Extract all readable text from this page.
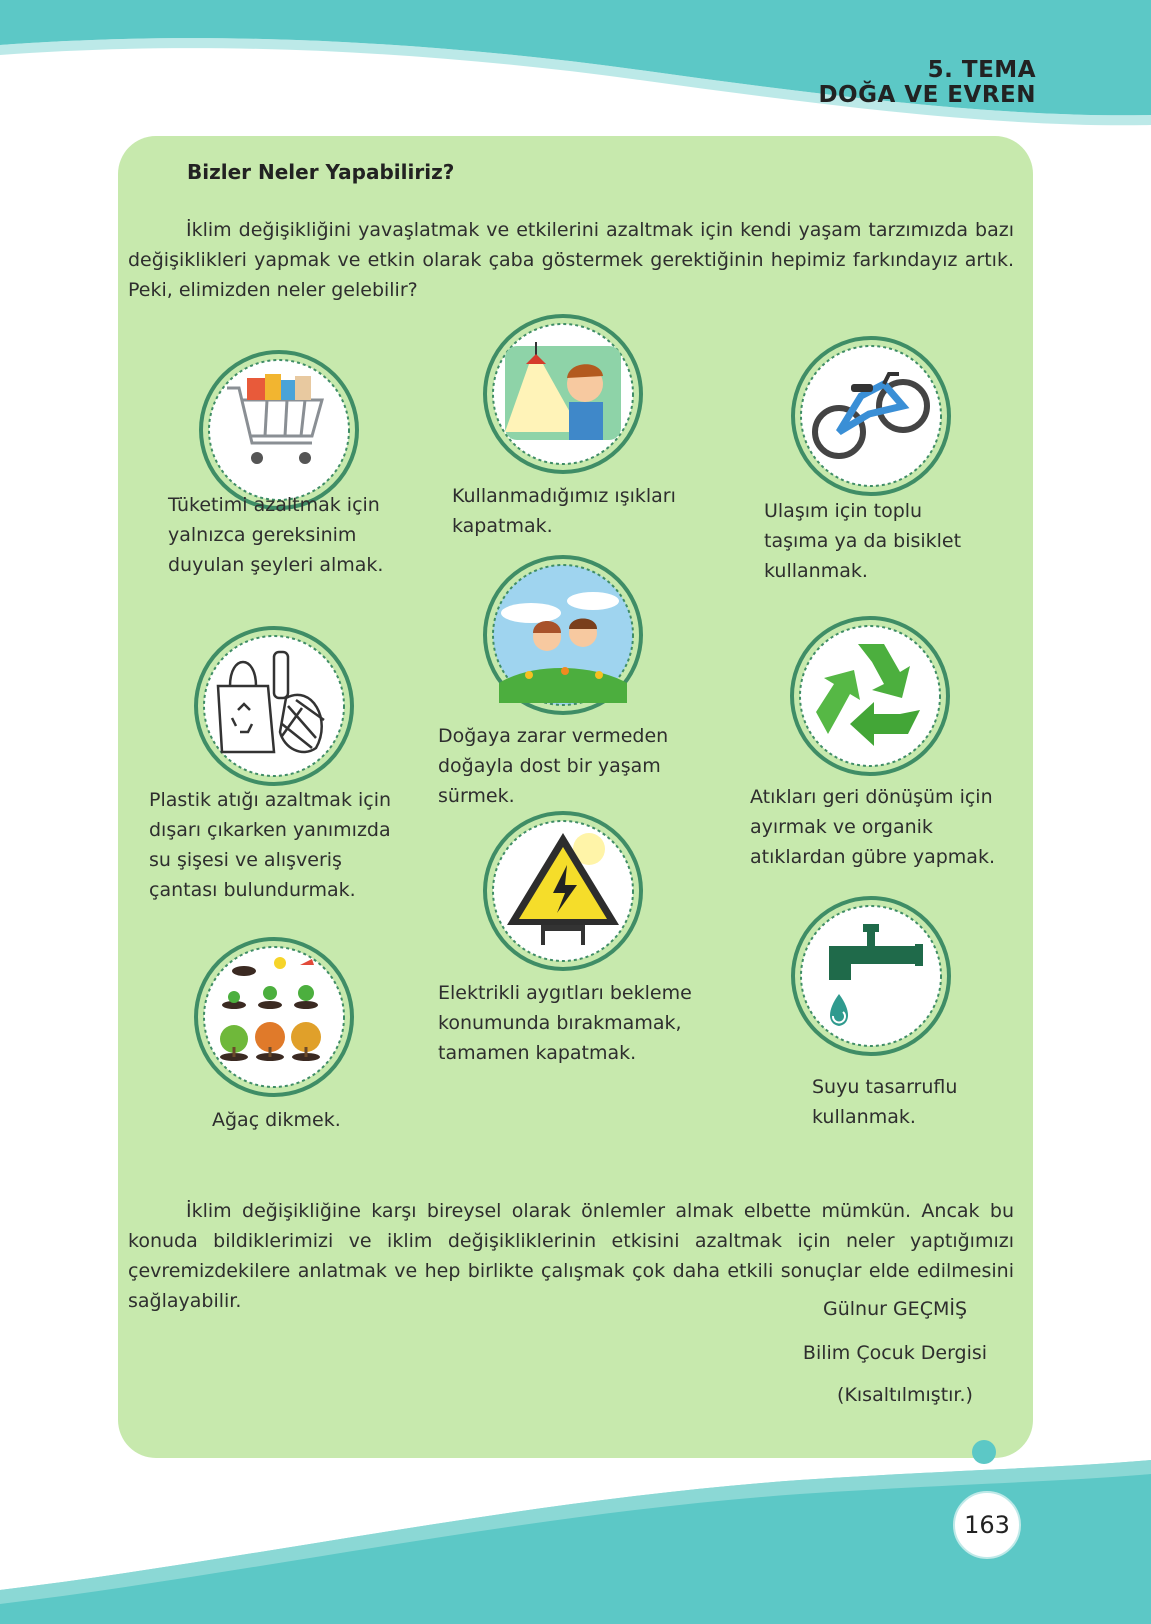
5. TEMA
DOĞA VE EVREN
Bizler Neler Yapabiliriz?

İklim değişikliğini yavaşlatmak ve etkilerini azaltmak için kendi yaşam tarzımızda bazı değişiklikleri yapmak ve etkin olarak çaba göstermek gerektiğinin hepimiz farkındayız artık. Peki, elimizden neler gelebilir?

Tüketimi azaltmak için
yalnızca gereksinim
duyulan şeyleri almak.
Kullanmadığımız ışıkları
kapatmak.
Ulaşım için toplu
taşıma ya da bisiklet
kullanmak.
Plastik atığı azaltmak için
dışarı çıkarken yanımızda
su şişesi ve alışveriş
çantası bulundurmak.
Doğaya zarar vermeden
doğayla dost bir yaşam
sürmek.	Atıkları geri dönüşüm için
ayırmak ve organik
atıklardan gübre yapmak.
Elektrikli aygıtları bekleme
konumunda bırakmamak,
tamamen kapatmak.
Ağaç dikmek.
Suyu tasarruflu
kullanmak.

İklim değişikliğine karşı bireysel olarak önlemler almak elbette mümkün. Ancak bu konuda bildiklerimizi ve iklim değişikliklerinin etkisini azaltmak için neler yaptığımızı çevremizdekilere anlatmak ve hep birlikte çalışmak çok daha etkili sonuçlar elde edilmesini sağlayabilir.	Gülnur GEÇMİŞ
Bilim Çocuk Dergisi
(Kısaltılmıştır.)
163
